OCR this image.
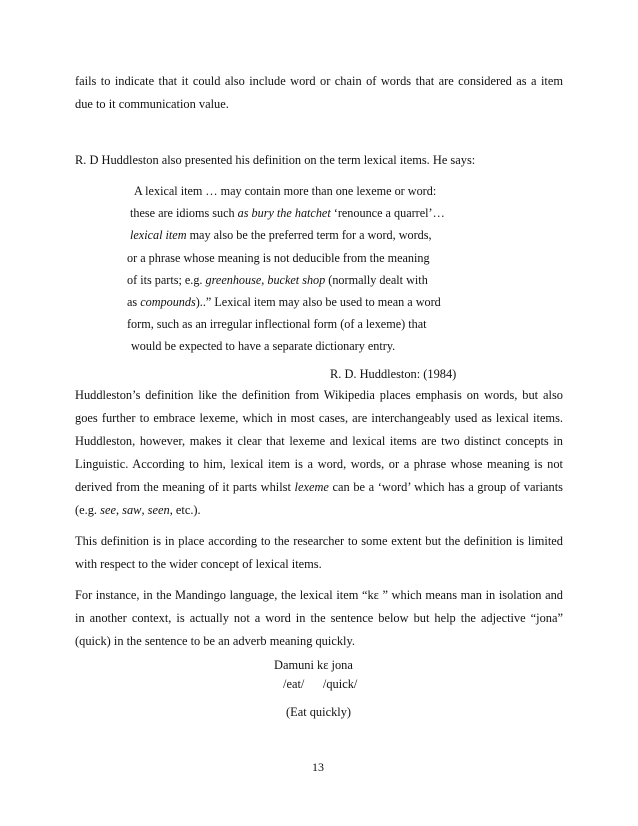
fails to indicate that it could also include word or chain of words that are considered as a item
due to it communication value.
R. D Huddleston also presented his definition on the term lexical items. He says:
A lexical item … may contain more than one lexeme or word:
these are idioms such as bury the hatchet ‘renounce a quarrel’…
lexical item may also be the preferred term for a word, words,
or a phrase whose meaning is not deducible from the meaning
of its parts; e.g. greenhouse, bucket shop (normally dealt with
as compounds)..” Lexical item may also be used to mean a word
form, such as an irregular inflectional form (of a lexeme) that
would be expected to have a separate dictionary entry.
R. D. Huddleston: (1984)
Huddleston’s definition like the definition from Wikipedia places emphasis on words, but also
goes further to embrace lexeme, which in most cases, are interchangeably used as lexical items.
Huddleston, however, makes it clear that lexeme and lexical items are two distinct concepts in
Linguistic. According to him, lexical item is a word, words, or a phrase whose meaning is not
derived from the meaning of it parts whilst lexeme can be a ‘word’ which has a group of variants
(e.g. see, saw, seen, etc.).
This definition is in place according to the researcher to some extent but the definition is limited
with respect to the wider concept of lexical items.
For instance, in the Mandingo language, the lexical item “kɛ ” which means man in isolation and
in another context, is actually not a word in the sentence below but help the adjective “jona”
(quick) in the sentence to be an adverb meaning quickly.
Damuni kɛ jona
/eat/      /quick/
(Eat quickly)
13
